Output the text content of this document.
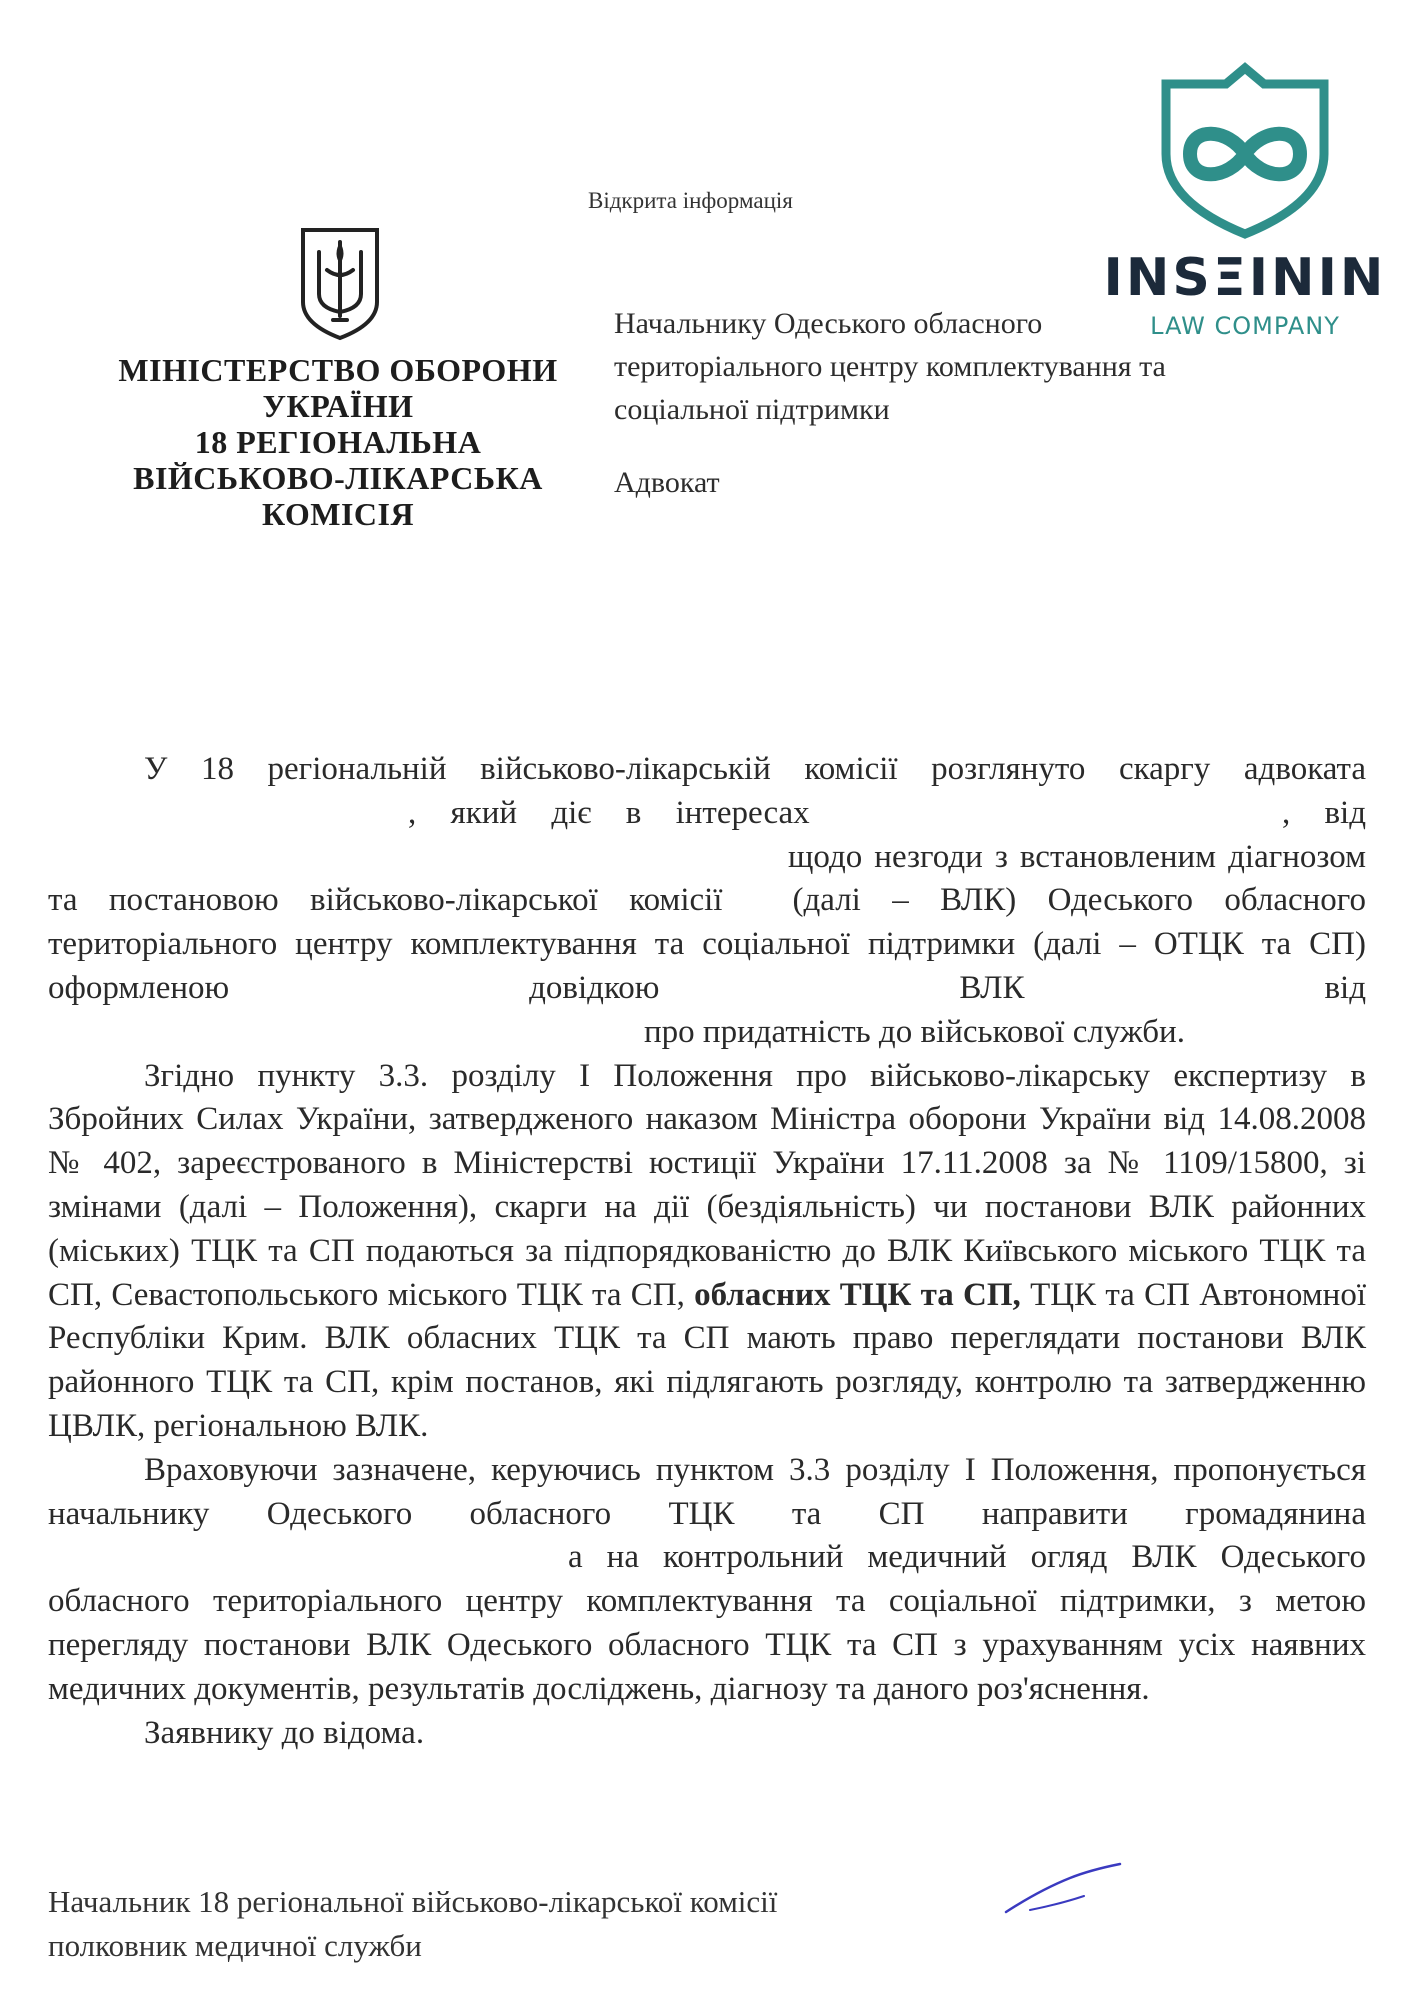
Відкрита інформація
МІНІСТЕРСТВО ОБОРОНИ
УКРАЇНИ
18 РЕГІОНАЛЬНА
ВІЙСЬКОВО-ЛІКАРСЬКА
КОМІСІЯ
Начальнику Одеського обласного
територіального центру комплектування та
соціальної підтримки
Адвокат
INSΞININ
LAW COMPANY

У 18 регіональній військово-лікарській комісії розглянуто скаргу адвоката, який діє в інтересах	, відщодо незгоди з встановленим діагнозом та постановою військово-лікарської комісії (далі – ВЛК) Одеського обласного територіального центру комплектування та соціальної підтримки (далі – ОТЦК та СП) оформленою довідкою ВЛК від

про придатність до військової служби.

Згідно пункту 3.3. розділу І Положення про військово-лікарську експертизу в Збройних Силах України, затвердженого наказом Міністра оборони України від 14.08.2008 № 402, зареєстрованого в Міністерстві юстиції України 17.11.2008 за № 1109/15800, зі змінами (далі – Положення), скарги на дії (бездіяльність) чи постанови ВЛК районних (міських) ТЦК та СП подаються за підпорядкованістю до ВЛК Київського міського ТЦК та СП, Севастопольського міського ТЦК та СП, обласних ТЦК та СП, ТЦК та СП Автономної Республіки Крим. ВЛК обласних ТЦК та СП мають право переглядати постанови ВЛК районного ТЦК та СП, крім постанов, які підлягають розгляду, контролю та затвердженню ЦВЛК, регіональною ВЛК.

Враховуючи зазначене, керуючись пунктом 3.3 розділу І Положення, пропонується начальнику Одеського обласного ТЦК та СП направити громадянинаа на контрольний медичний огляд ВЛК Одеського обласного територіального центру комплектування та соціальної підтримки, з метою перегляду постанови ВЛК Одеського обласного ТЦК та СП з урахуванням усіх наявних медичних документів, результатів досліджень, діагнозу та даного роз'яснення.

Заявнику до відома.

Начальник 18 регіональної військово-лікарської комісії
полковник медичної служби
